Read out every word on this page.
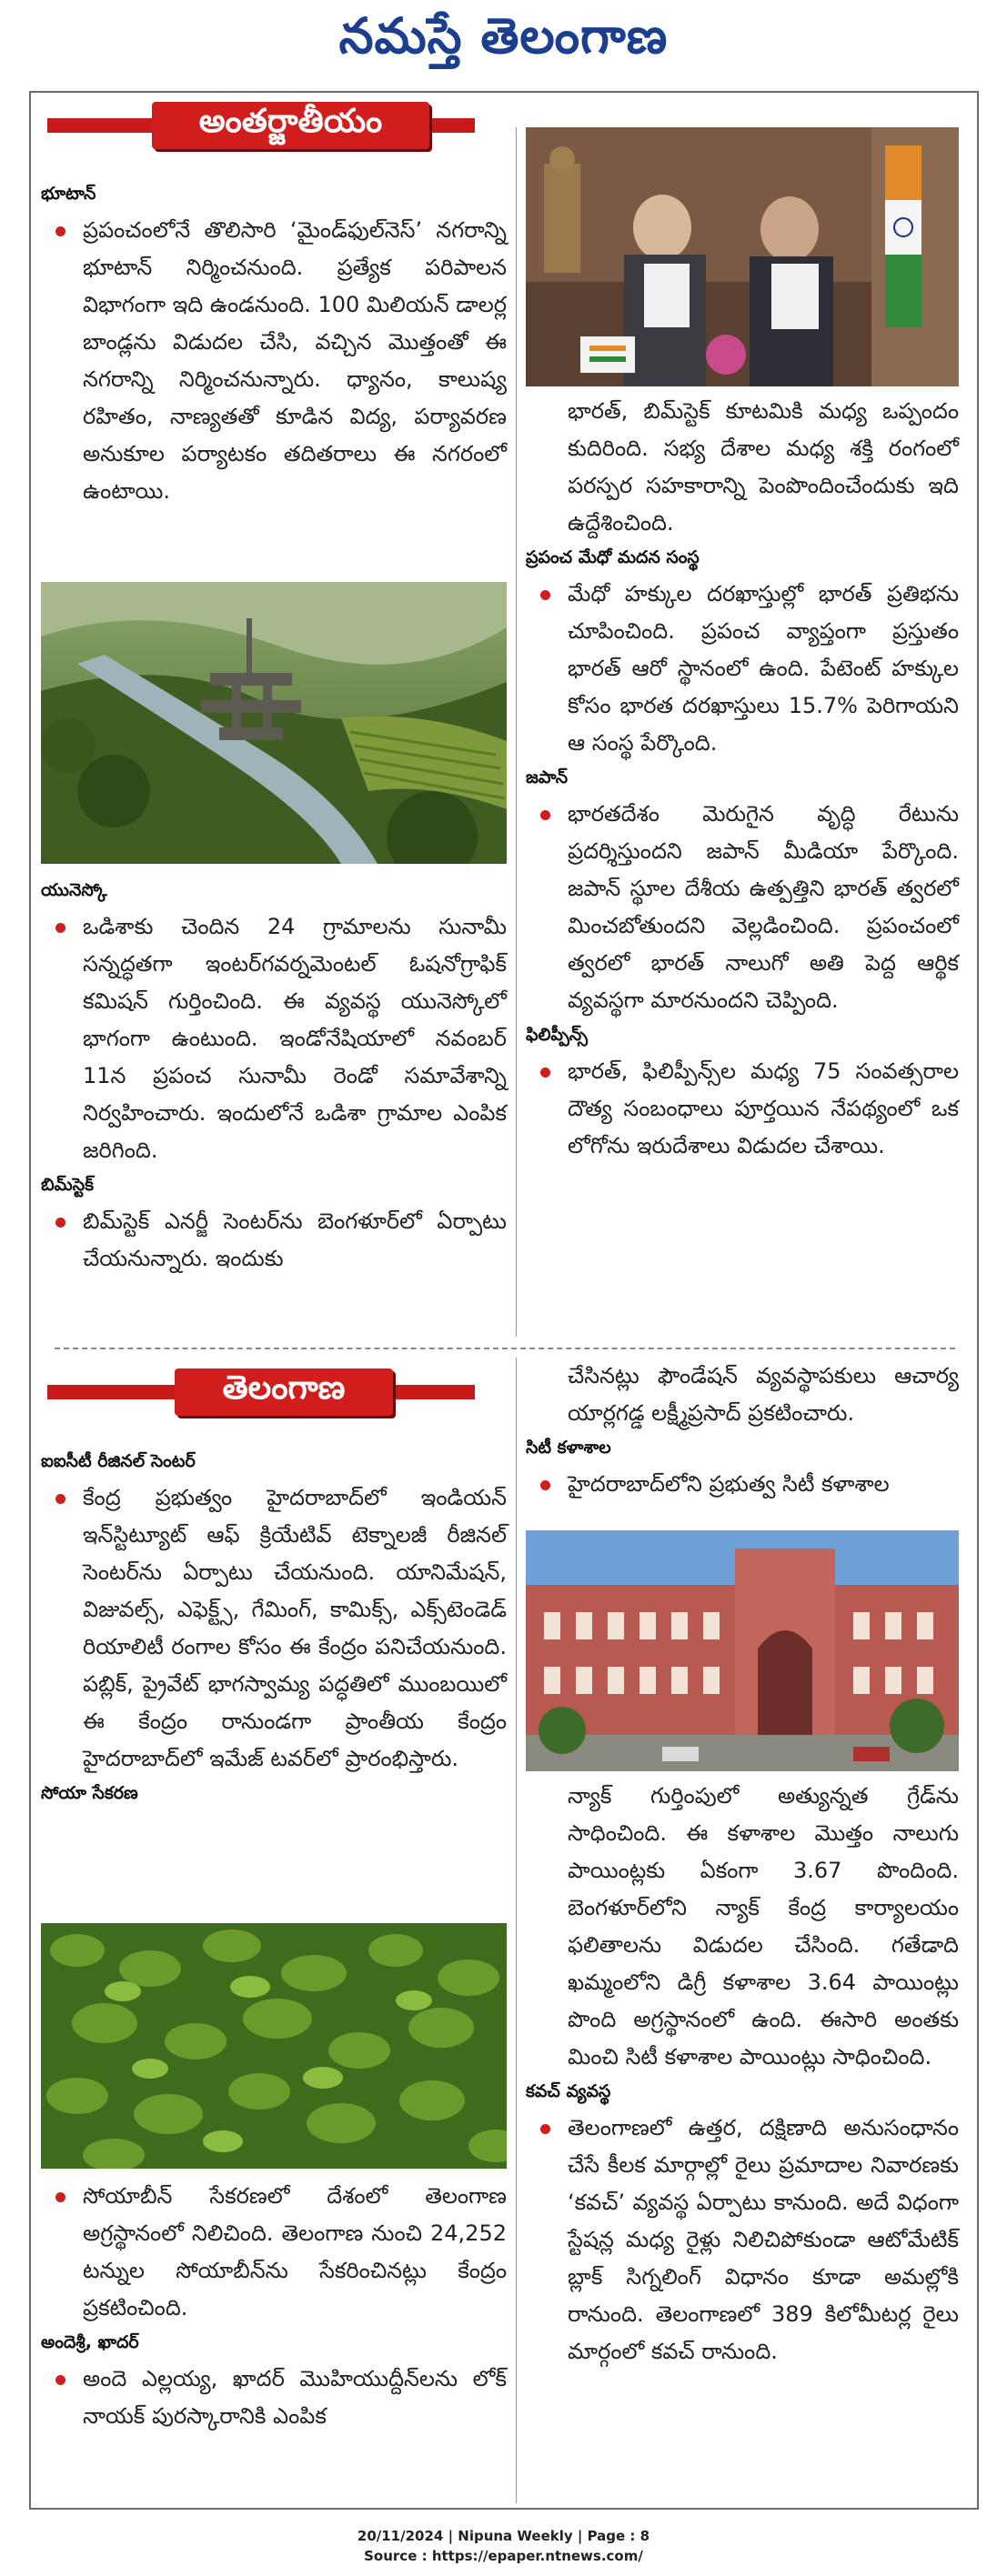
నమస్తే తెలంగాణ
అంతర్జాతీయం
భూటాన్
ప్రపంచంలోనే తొలిసారి ‘మైండ్‌ఫుల్‌నెస్’ నగరాన్ని భూటాన్ నిర్మించనుంది. ప్రత్యేక పరిపాలన విభాగంగా ఇది ఉండనుంది. 100 మిలియన్ డాలర్ల బాండ్లను విడుదల చేసి, వచ్చిన మొత్తంతో ఈ నగరాన్ని నిర్మించనున్నారు. ధ్యానం, కాలుష్య రహితం, నాణ్యతతో కూడిన విద్య, పర్యావరణ అనుకూల పర్యాటకం తదితరాలు ఈ నగరంలో ఉంటాయి.
యునెస్కో
ఒడిశాకు చెందిన 24 గ్రామాలను సునామీ సన్నద్ధతగా ఇంటర్‌గవర్నమెంటల్ ఓషనోగ్రాఫిక్ కమిషన్ గుర్తించింది. ఈ వ్యవస్థ యునెస్కోలో భాగంగా ఉంటుంది. ఇండోనేషియాలో నవంబర్ 11న ప్రపంచ సునామీ రెండో సమావేశాన్ని నిర్వహించారు. ఇందులోనే ఒడిశా గ్రామాల ఎంపిక జరిగింది.
బిమ్‌స్టెక్
బిమ్‌స్టెక్ ఎనర్జీ సెంటర్‌ను బెంగళూర్‌లో ఏర్పాటు చేయనున్నారు. ఇందుకు
భారత్, బిమ్‌స్టెక్ కూటమికి మధ్య ఒప్పందం కుదిరింది. సభ్య దేశాల మధ్య శక్తి రంగంలో పరస్పర సహకారాన్ని పెంపొందించేందుకు ఇది ఉద్దేశించింది.
ప్రపంచ మేధో మదన సంస్థ
మేధో హక్కుల దరఖాస్తుల్లో భారత్ ప్రతిభను చూపించింది. ప్రపంచ వ్యాప్తంగా ప్రస్తుతం భారత్ ఆరో స్థానంలో ఉంది. పేటెంట్ హక్కుల కోసం భారత దరఖాస్తులు 15.7% పెరిగాయని ఆ సంస్థ పేర్కొంది.
జపాన్
భారతదేశం మెరుగైన వృద్ధి రేటును ప్రదర్శిస్తుందని జపాన్ మీడియా పేర్కొంది. జపాన్ స్థూల దేశీయ ఉత్పత్తిని భారత్ త్వరలో మించబోతుందని వెల్లడించింది. ప్రపంచంలో త్వరలో భారత్ నాలుగో అతి పెద్ద ఆర్థిక వ్యవస్థగా మారనుందని చెప్పింది.
ఫిలిప్పీన్స్
భారత్, ఫిలిప్పీన్స్‌ల మధ్య 75 సంవత్సరాల దౌత్య సంబంధాలు పూర్తయిన నేపథ్యంలో ఒక లోగోను ఇరుదేశాలు విడుదల చేశాయి.
తెలంగాణ
ఐఐసీటీ రీజినల్ సెంటర్
కేంద్ర ప్రభుత్వం హైదరాబాద్‌లో ఇండియన్ ఇన్‌స్టిట్యూట్ ఆఫ్ క్రియేటివ్ టెక్నాలజీ రీజినల్ సెంటర్‌ను ఏర్పాటు చేయనుంది. యానిమేషన్, విజువల్స్, ఎఫెక్ట్స్, గేమింగ్, కామిక్స్, ఎక్స్‌టెండెడ్ రియాలిటీ రంగాల కోసం ఈ కేంద్రం పనిచేయనుంది. పబ్లిక్, ప్రైవేట్ భాగస్వామ్య పద్ధతిలో ముంబయిలో ఈ కేంద్రం రానుండగా ప్రాంతీయ కేంద్రం హైదరాబాద్‌లో ఇమేజ్ టవర్‌లో ప్రారంభిస్తారు.
సోయా సేకరణ
సోయాబీన్ సేకరణలో దేశంలో తెలంగాణ అగ్రస్థానంలో నిలిచింది. తెలంగాణ నుంచి 24,252 టన్నుల సోయాబీన్‌ను సేకరించినట్లు కేంద్రం ప్రకటించింది.
అందెశ్రీ, ఖాదర్
అందె ఎల్లయ్య, ఖాదర్ మొహియుద్దీన్‌లను లోక్ నాయక్ పురస్కారానికి ఎంపిక
చేసినట్లు ఫౌండేషన్ వ్యవస్థాపకులు ఆచార్య యార్లగడ్డ లక్ష్మీప్రసాద్ ప్రకటించారు.
సిటీ కళాశాల
హైదరాబాద్‌లోని ప్రభుత్వ సిటీ కళాశాల
న్యాక్ గుర్తింపులో అత్యున్నత గ్రేడ్‌ను సాధించింది. ఈ కళాశాల మొత్తం నాలుగు పాయింట్లకు ఏకంగా 3.67 పొందింది. బెంగళూర్‌లోని న్యాక్ కేంద్ర కార్యాలయం ఫలితాలను విడుదల చేసింది. గతేడాది ఖమ్మంలోని డిగ్రీ కళాశాల 3.64 పాయింట్లు పొంది అగ్రస్థానంలో ఉంది. ఈసారి అంతకు మించి సిటీ కళాశాల పాయింట్లు సాధించింది.
కవచ్ వ్యవస్థ
తెలంగాణలో ఉత్తర, దక్షిణాది అనుసంధానం చేసే కీలక మార్గాల్లో రైలు ప్రమాదాల నివారణకు ‘కవచ్’ వ్యవస్థ ఏర్పాటు కానుంది. అదే విధంగా స్టేషన్ల మధ్య రైళ్లు నిలిచిపోకుండా ఆటోమేటిక్ బ్లాక్ సిగ్నలింగ్ విధానం కూడా అమల్లోకి రానుంది. తెలంగాణలో 389 కిలోమీటర్ల రైలు మార్గంలో కవచ్ రానుంది.
20/11/2024 | Nipuna Weekly | Page : 8
Source : https://epaper.ntnews.com/
